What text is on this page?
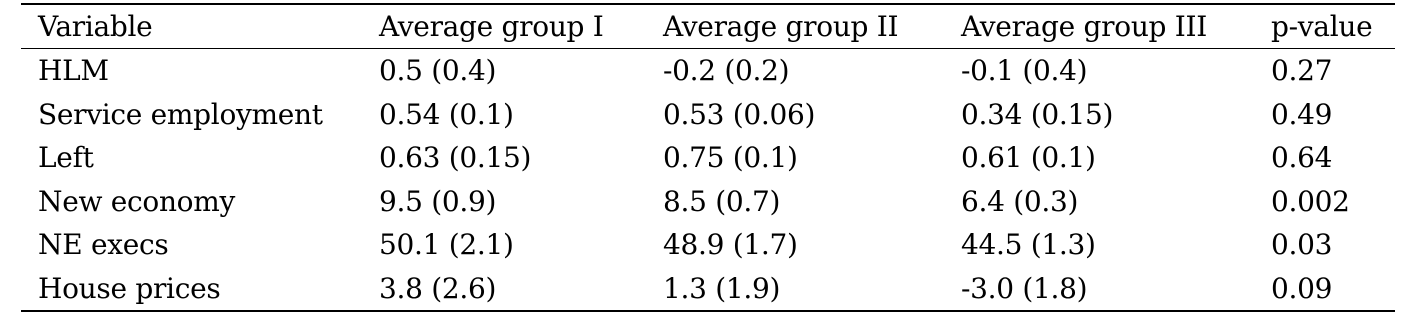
Variable	Average group I	Average group II	Average group III	p-value
HLM	0.5 (0.4)	-0.2 (0.2)	-0.1 (0.4)	0.27
Service employment	0.54 (0.1)	0.53 (0.06)	0.34 (0.15)	0.49
Left	0.63 (0.15)	0.75 (0.1)	0.61 (0.1)	0.64
New economy	9.5 (0.9)	8.5 (0.7)	6.4 (0.3)	0.002
NE execs	50.1 (2.1)	48.9 (1.7)	44.5 (1.3)	0.03
House prices	3.8 (2.6)	1.3 (1.9)	-3.0 (1.8)	0.09
